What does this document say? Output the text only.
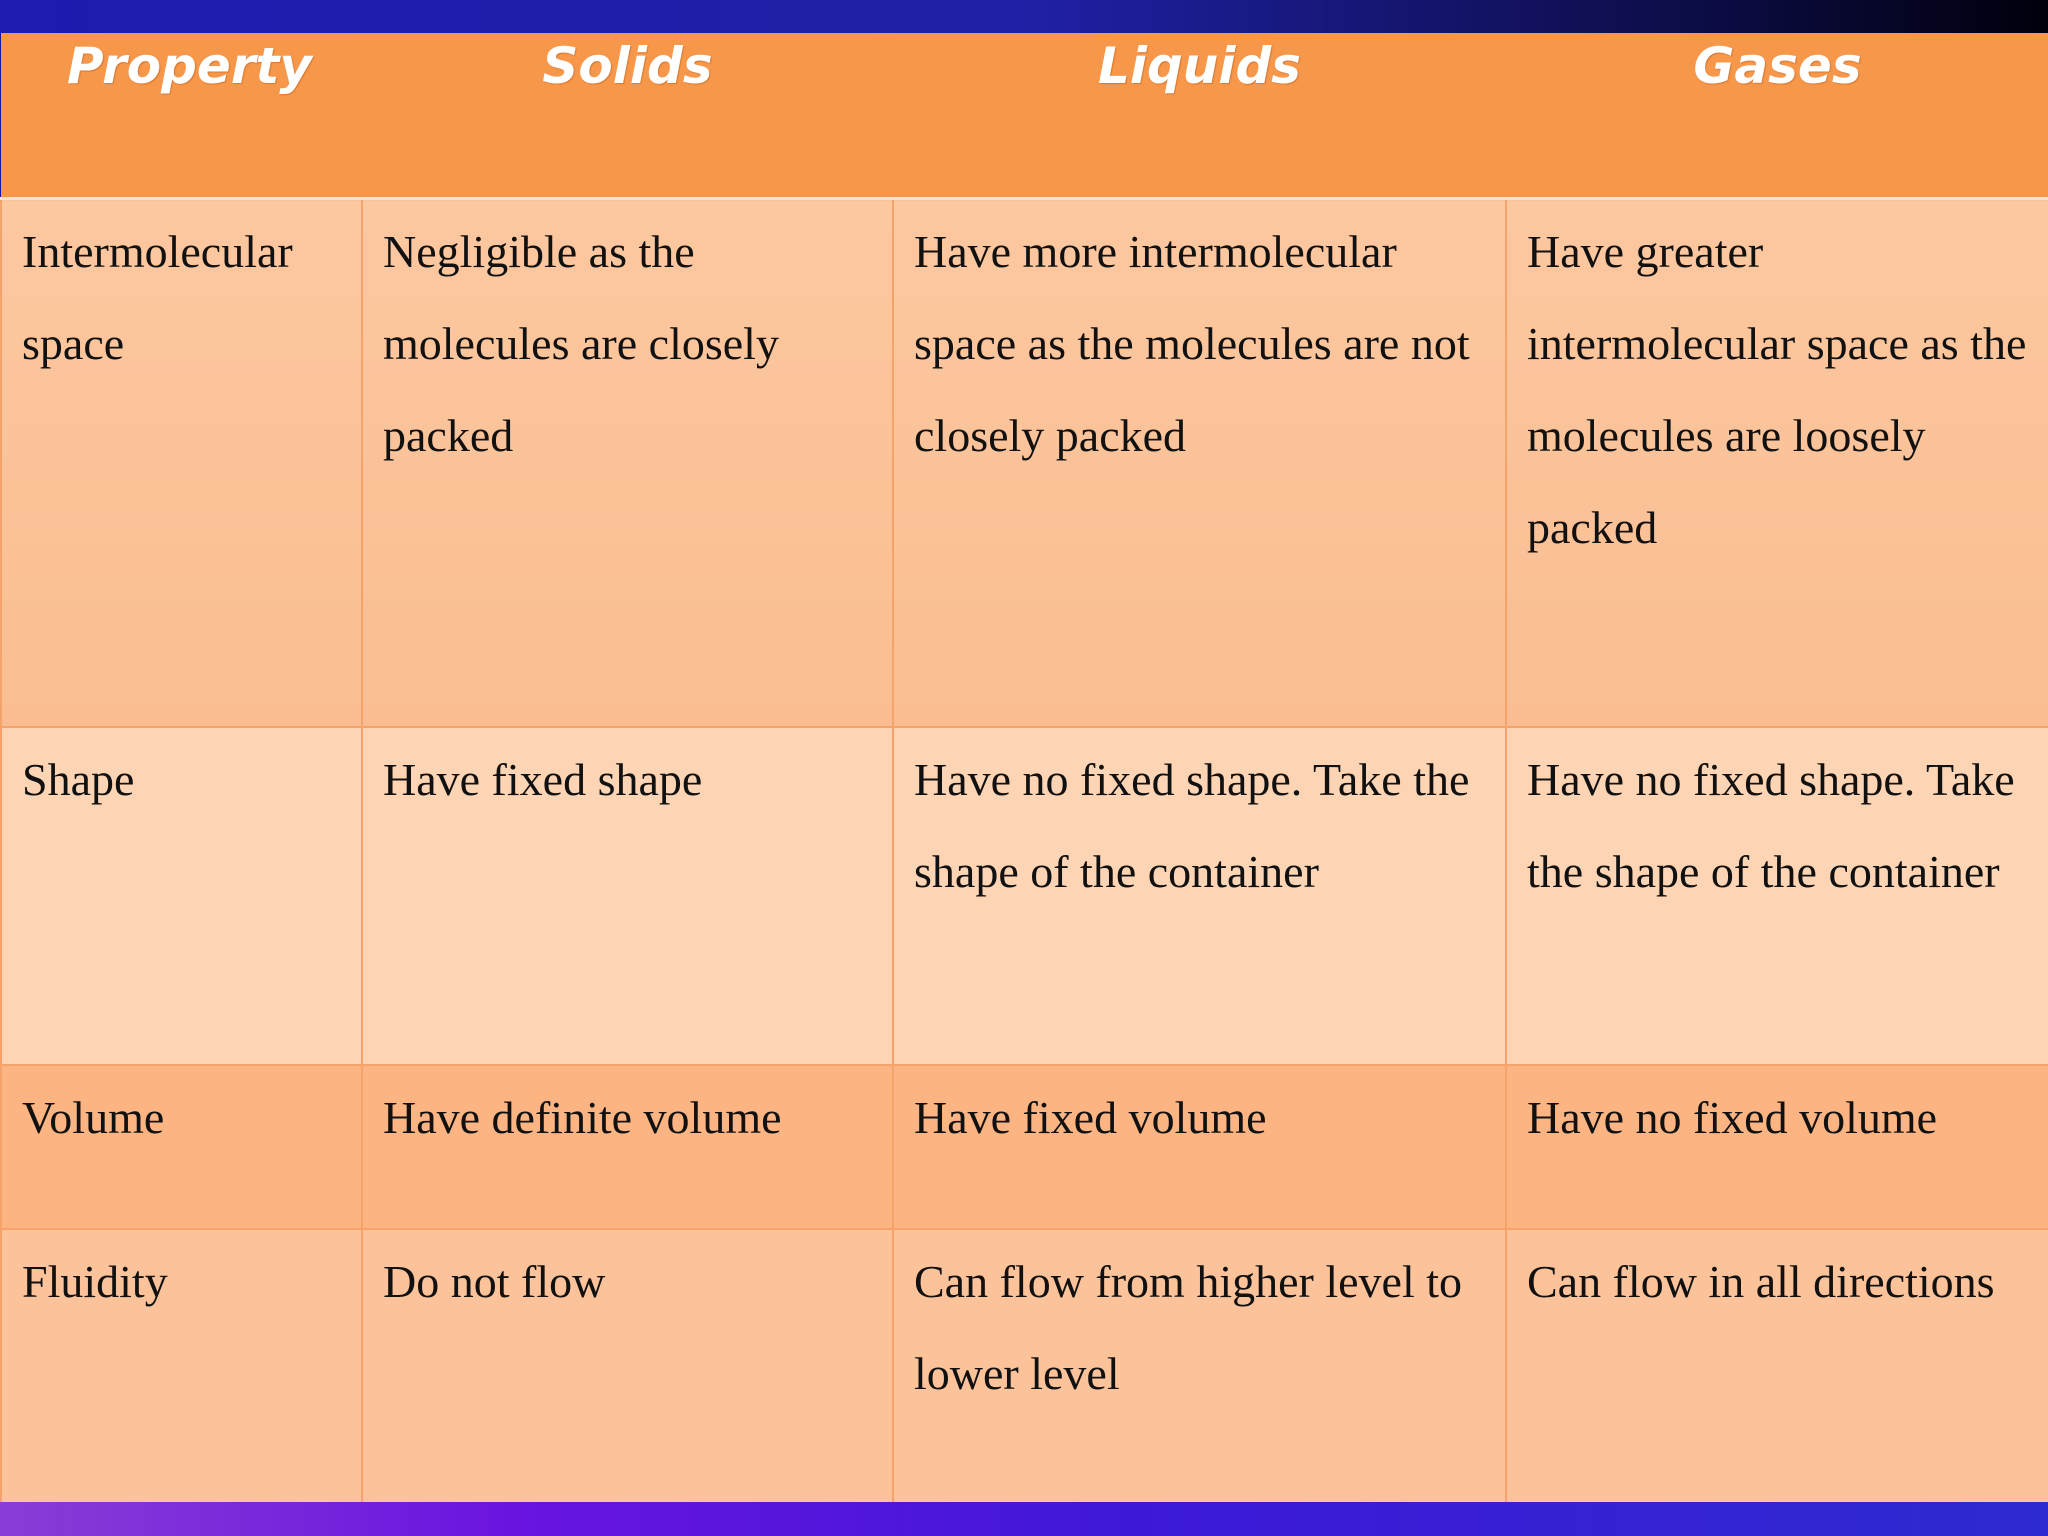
Property	Solids	Liquids	Gases
Intermolecular space	Negligible as the molecules are closely packed	Have more intermolecular space as the molecules are not closely packed	Have greater intermolecular space as the molecules are loosely packed
Shape	Have fixed shape	Have no fixed shape. Take the shape of the container	Have no fixed shape. Take the shape of the container
Volume	Have definite volume	Have fixed volume	Have no fixed volume
Fluidity	Do not flow	Can flow from higher level to lower level	Can flow in all directions
